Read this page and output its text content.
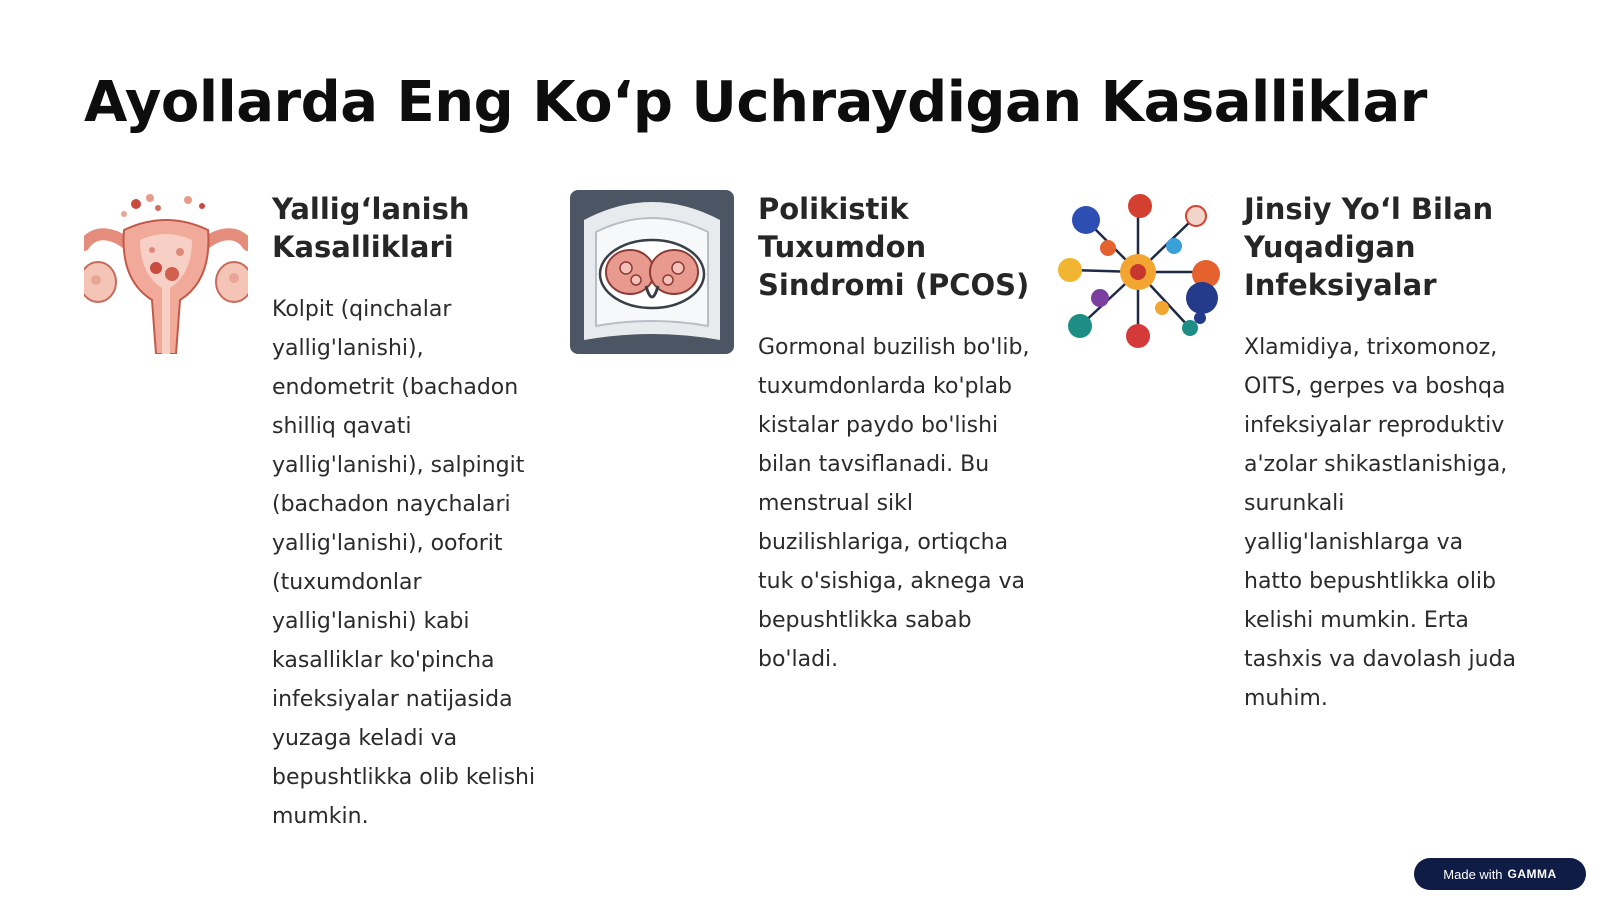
Ayollarda Eng Ko‘p Uchraydigan Kasalliklar
Yallig‘lanish Kasalliklari

Kolpit (qinchalar yallig'lanishi), endometrit (bachadon shilliq qavati yallig'lanishi), salpingit (bachadon naychalari yallig'lanishi), ooforit (tuxumdonlar yallig'lanishi) kabi kasalliklar ko'pincha infeksiyalar natijasida yuzaga keladi va bepushtlikka olib kelishi mumkin.

Polikistik Tuxumdon Sindromi (PCOS)

Gormonal buzilish bo'lib, tuxumdonlarda ko'plab kistalar paydo bo'lishi bilan tavsiflanadi. Bu menstrual sikl buzilishlariga, ortiqcha tuk o'sishiga, aknega va bepushtlikka sabab bo'ladi.

Jinsiy Yo‘l Bilan Yuqadigan Infeksiyalar

Xlamidiya, trixomonoz, OITS, gerpes va boshqa infeksiyalar reproduktiv a'zolar shikastlanishiga, surunkali yallig'lanishlarga va hatto bepushtlikka olib kelishi mumkin. Erta tashxis va davolash juda muhim.

Made with GAMMA
